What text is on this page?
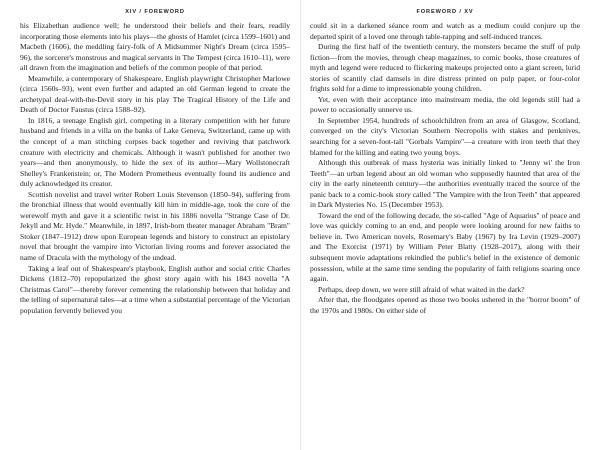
XIV / FOREWORD

his Elizabethan audience well; he understood their beliefs and their fears, readily incorporating those elements into his plays—the ghosts of Hamlet (circa 1599–1601) and Macbeth (1606), the meddling fairy-folk of A Midsummer Night's Dream (circa 1595–96), the sorcerer's monstrous and magical servants in The Tempest (circa 1610–11), were all drawn from the imagination and beliefs of the common people of that period.

Meanwhile, a contemporary of Shakespeare, English playwright Christopher Marlowe (circa 1560s–93), went even further and adapted an old German legend to create the archetypal deal-with-the-Devil story in his play The Tragical History of the Life and Death of Doctor Faustus (circa 1588–92).

In 1816, a teenage English girl, competing in a literary competition with her future husband and friends in a villa on the banks of Lake Geneva, Switzerland, came up with the concept of a man stitching corpses back together and reviving that patchwork creature with electricity and chemicals. Although it wasn't published for another two years—and then anonymously, to hide the sex of its author—Mary Wollstonecraft Shelley's Frankenstein; or, The Modern Prometheus eventually found its audience and duly acknowledged its creator.

Scottish novelist and travel writer Robert Louis Stevenson (1850–94), suffering from the bronchial illness that would eventually kill him in middle-age, took the core of the werewolf myth and gave it a scientific twist in his 1886 novella "Strange Case of Dr. Jekyll and Mr. Hyde." Meanwhile, in 1897, Irish-born theater manager Abraham "Bram" Stoker (1847–1912) drew upon European legends and history to construct an epistolary novel that brought the vampire into Victorian living rooms and forever associated the name of Dracula with the mythology of the undead.

Taking a leaf out of Shakespeare's playbook, English author and social critic Charles Dickens (1812–70) repopularized the ghost story again with his 1843 novella "A Christmas Carol"—thereby forever cementing the relationship between that holiday and the telling of supernatural tales—at a time when a substantial percentage of the Victorian population fervently believed you

FOREWORD / XV

could sit in a darkened séance room and watch as a medium could conjure up the departed spirit of a loved one through table-rapping and self-induced trances.

During the first half of the twentieth century, the monsters became the stuff of pulp fiction—from the movies, through cheap magazines, to comic books, those creatures of myth and legend were reduced to flickering makeups projected onto a giant screen, lurid stories of scantily clad damsels in dire distress printed on pulp paper, or four-color frights sold for a dime to impressionable young children.

Yet, even with their acceptance into mainstream media, the old legends still had a power to occasionally unnerve us.

In September 1954, hundreds of schoolchildren from an area of Glasgow, Scotland, converged on the city's Victorian Southern Necropolis with stakes and penknives, searching for a seven-foot-tall "Gorbals Vampire"—a creature with iron teeth that they blamed for the killing and eating two young boys.

Although this outbreak of mass hysteria was initially linked to "Jenny wi' the Iron Teeth"—an urban legend about an old woman who supposedly haunted that area of the city in the early nineteenth century—the authorities eventually traced the source of the panic back to a comic-book story called "The Vampire with the Iron Teeth" that appeared in Dark Mysteries No. 15 (December 1953).

Toward the end of the following decade, the so-called "Age of Aquarius" of peace and love was quickly coming to an end, and people were looking around for new faiths to believe in. Two American novels, Rosemary's Baby (1967) by Ira Levin (1929–2007) and The Exorcist (1971) by William Peter Blatty (1928–2017), along with their subsequent movie adaptations rekindled the public's belief in the existence of demonic possession, while at the same time sending the popularity of faith religions soaring once again.

Perhaps, deep down, we were still afraid of what waited in the dark?

After that, the floodgates opened as those two books ushered in the "horror boom" of the 1970s and 1980s. On either side of
